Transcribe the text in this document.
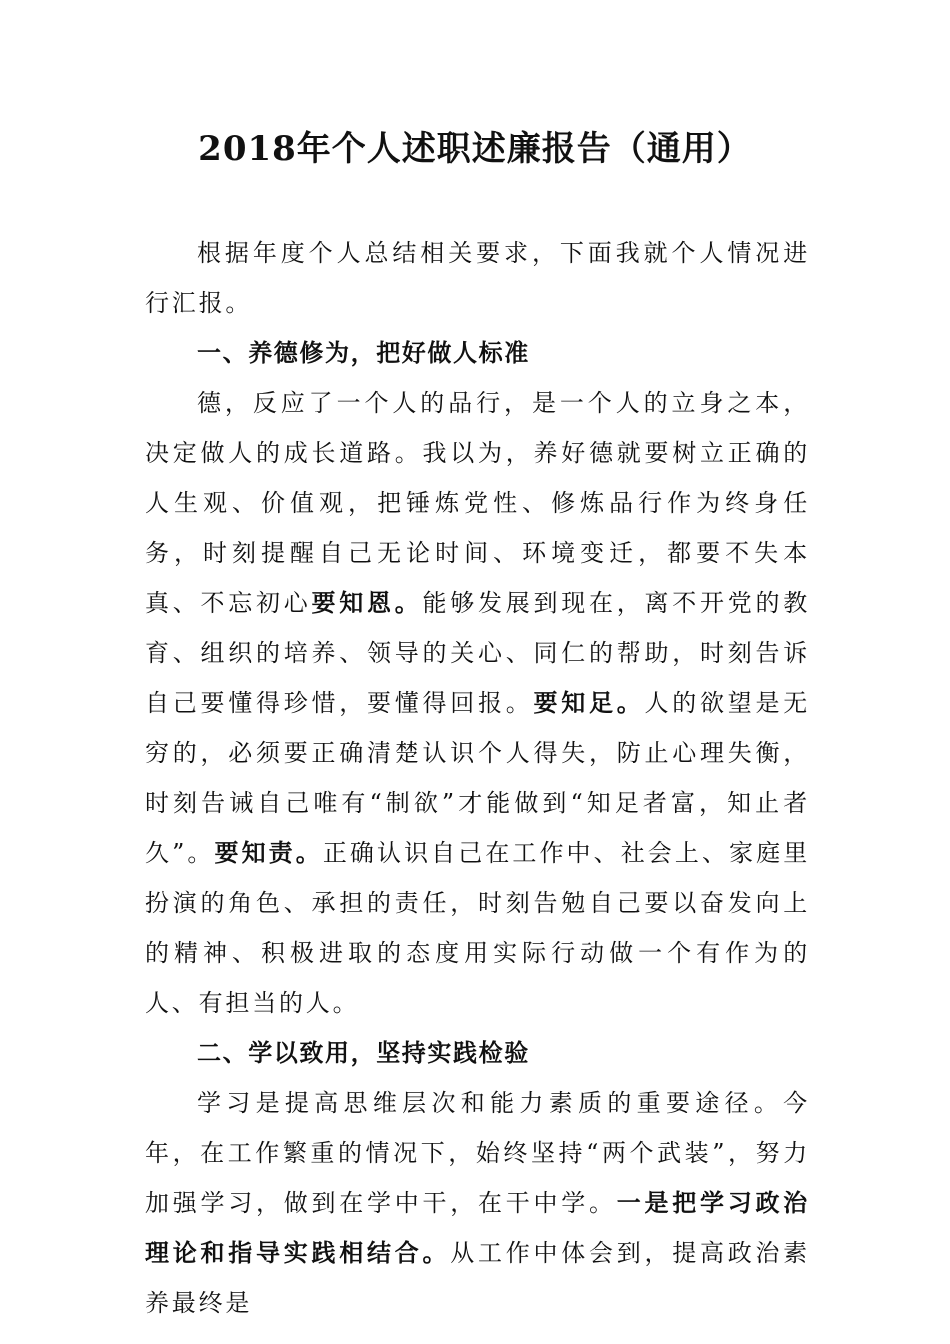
2018年个人述职述廉报告（通用）

根据年度个人总结相关要求，下面我就个人情况进行汇报。

一、养德修为，把好做人标准

德，反应了一个人的品行，是一个人的立身之本，决定做人的成长道路。我以为，养好德就要树立正确的人生观、价值观，把锤炼党性、修炼品行作为终身任务，时刻提醒自己无论时间、环境变迁，都要不失本真、不忘初心要知恩。能够发展到现在，离不开党的教育、组织的培养、领导的关心、同仁的帮助，时刻告诉自己要懂得珍惜，要懂得回报。要知足。人的欲望是无穷的，必须要正确清楚认识个人得失，防止心理失衡，时刻告诫自己唯有“制欲”才能做到“知足者富，知止者久”。要知责。正确认识自己在工作中、社会上、家庭里扮演的角色、承担的责任，时刻告勉自己要以奋发向上的精神、积极进取的态度用实际行动做一个有作为的人、有担当的人。

二、学以致用，坚持实践检验

学习是提高思维层次和能力素质的重要途径。今年，在工作繁重的情况下，始终坚持“两个武装”，努力加强学习，做到在学中干，在干中学。一是把学习政治理论和指导实践相结合。从工作中体会到，提高政治素养最终是
